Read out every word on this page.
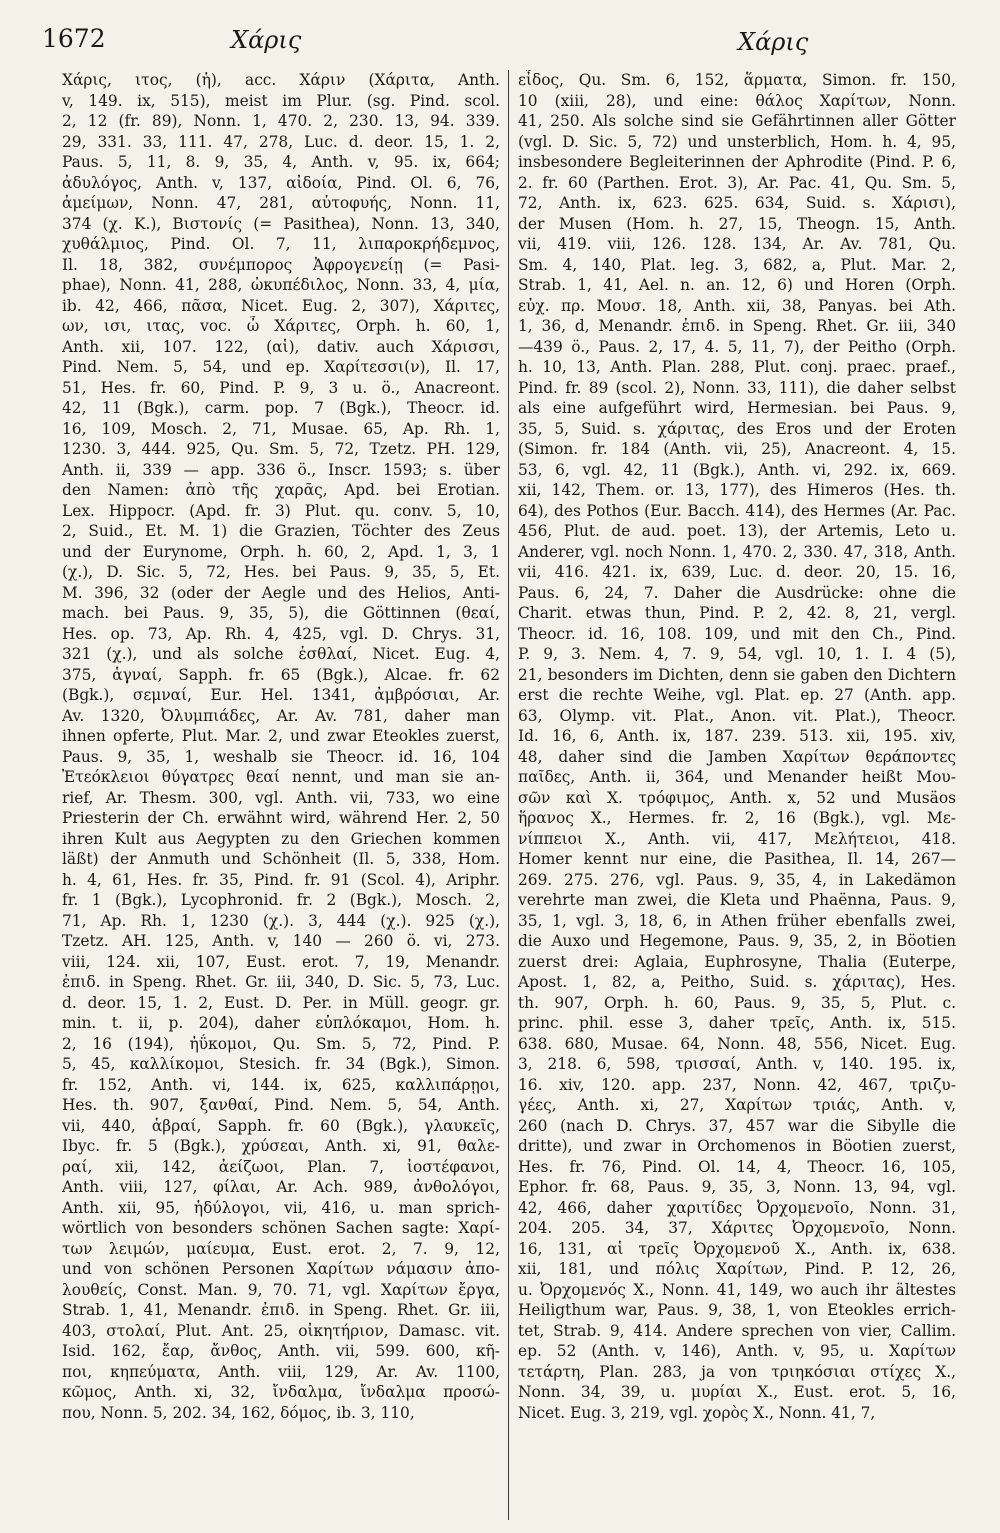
1672	Χάρις	Χάρις
Χάρις, ιτος, (ἡ), acc. Χάριν (Χάριτα, Anth.
v, 149. ix, 515), meist im Plur. (sg. Pind. scol.
2, 12 (fr. 89), Nonn. 1, 470. 2, 230. 13, 94. 339.
29, 331. 33, 111. 47, 278, Luc. d. deor. 15, 1. 2,
Paus. 5, 11, 8. 9, 35, 4, Anth. v, 95. ix, 664;
ἀδυλόγος, Anth. v, 137, αἰδοία, Pind. Ol. 6, 76,
ἀμείμων, Nonn. 47, 281, αὐτοφυής, Nonn. 11,
374 (χ. K.), Βιστονίς (= Pasithea), Nonn. 13, 340,
χυθάλμιος, Pind. Ol. 7, 11, λιπαροκρήδεμνος,
Il. 18, 382, συνέμπορος Ἀφρογενείῃ (= Pasi-
phae), Nonn. 41, 288, ὠκυπέδιλος, Nonn. 33, 4, μία,
ib. 42, 466, πᾶσα, Nicet. Eug. 2, 307), Χάριτες,
ων, ισι, ιτας, voc. ὦ Χάριτες, Orph. h. 60, 1,
Anth. xii, 107. 122, (αἱ), dativ. auch Χάρισσι,
Pind. Nem. 5, 54, und ep. Χαρίτεσσι(ν), Il. 17,
51, Hes. fr. 60, Pind. P. 9, 3 u. ö., Anacreont.
42, 11 (Bgk.), carm. pop. 7 (Bgk.), Theocr. id.
16, 109, Mosch. 2, 71, Musae. 65, Ap. Rh. 1,
1230. 3, 444. 925, Qu. Sm. 5, 72, Tzetz. PH. 129,
Anth. ii, 339 — app. 336 ö., Inscr. 1593; s. über
den Namen: ἀπὸ τῆς χαρᾶς, Apd. bei Erotian.
Lex. Hippocr. (Apd. fr. 3) Plut. qu. conv. 5, 10,
2, Suid., Et. M. 1) die Grazien, Töchter des Zeus
und der Eurynome, Orph. h. 60, 2, Apd. 1, 3, 1
(χ.), D. Sic. 5, 72, Hes. bei Paus. 9, 35, 5, Et.
M. 396, 32 (oder der Aegle und des Helios, Anti-
mach. bei Paus. 9, 35, 5), die Göttinnen (θεαί,
Hes. op. 73, Ap. Rh. 4, 425, vgl. D. Chrys. 31,
321 (χ.), und als solche ἐσθλαί, Nicet. Eug. 4,
375, ἁγναί, Sapph. fr. 65 (Bgk.), Alcae. fr. 62
(Bgk.), σεμναί, Eur. Hel. 1341, ἀμβρόσιαι, Ar.
Av. 1320, Ὀλυμπιάδες, Ar. Av. 781, daher man
ihnen opferte, Plut. Mar. 2, und zwar Eteokles zuerst,
Paus. 9, 35, 1, weshalb sie Theocr. id. 16, 104
Ἐτεόκλειοι θύγατρες θεαί nennt, und man sie an-
rief, Ar. Thesm. 300, vgl. Anth. vii, 733, wo eine
Priesterin der Ch. erwähnt wird, während Her. 2, 50
ihren Kult aus Aegypten zu den Griechen kommen
läßt) der Anmuth und Schönheit (Il. 5, 338, Hom.
h. 4, 61, Hes. fr. 35, Pind. fr. 91 (Scol. 4), Ariphr.
fr. 1 (Bgk.), Lycophronid. fr. 2 (Bgk.), Mosch. 2,
71, Ap. Rh. 1, 1230 (χ.). 3, 444 (χ.). 925 (χ.),
Tzetz. AH. 125, Anth. v, 140 — 260 ö. vi, 273.
viii, 124. xii, 107, Eust. erot. 7, 19, Menandr.
ἐπιδ. in Speng. Rhet. Gr. iii, 340, D. Sic. 5, 73, Luc.
d. deor. 15, 1. 2, Eust. D. Per. in Müll. geogr. gr.
min. t. ii, p. 204), daher εὐπλόκαμοι, Hom. h.
2, 16 (194), ἠΰκομοι, Qu. Sm. 5, 72, Pind. P.
5, 45, καλλίκομοι, Stesich. fr. 34 (Bgk.), Simon.
fr. 152, Anth. vi, 144. ix, 625, καλλιπάρῃοι,
Hes. th. 907, ξανθαί, Pind. Nem. 5, 54, Anth.
vii, 440, ἁβραί, Sapph. fr. 60 (Bgk.), γλαυκεῖς,
Ibyc. fr. 5 (Bgk.), χρύσεαι, Anth. xi, 91, θαλε-
ραί, xii, 142, ἀείζωοι, Plan. 7, ἰοστέφανοι,
Anth. viii, 127, φίλαι, Ar. Ach. 989, ἀνθολόγοι,
Anth. xii, 95, ἡδύλογοι, vii, 416, u. man sprich-
wörtlich von besonders schönen Sachen sagte: Χαρί-
των λειμών, μαίευμα, Eust. erot. 2, 7. 9, 12,
und von schönen Personen Χαρίτων νάμασιν ἀπο-
λουθείς, Const. Man. 9, 70. 71, vgl. Χαρίτων ἔργα,
Strab. 1, 41, Menandr. ἐπιδ. in Speng. Rhet. Gr. iii,
403, στολαί, Plut. Ant. 25, οἰκητήριον, Damasc. vit.
Isid. 162, ἔαρ, ἄνθος, Anth. vii, 599. 600, κῆ-
ποι, κηπεύματα, Anth. viii, 129, Ar. Av. 1100,
κῶμος, Anth. xi, 32, ἴνδαλμα, ἴνδαλμα προσώ-
που, Nonn. 5, 202. 34, 162, δόμος, ib. 3, 110,
εἶδος, Qu. Sm. 6, 152, ἅρματα, Simon. fr. 150,
10 (xiii, 28), und eine: θάλος Χαρίτων, Nonn.
41, 250. Als solche sind sie Gefährtinnen aller Götter
(vgl. D. Sic. 5, 72) und unsterblich, Hom. h. 4, 95,
insbesondere Begleiterinnen der Aphrodite (Pind. P. 6,
2. fr. 60 (Parthen. Erot. 3), Ar. Pac. 41, Qu. Sm. 5,
72, Anth. ix, 623. 625. 634, Suid. s. Χάρισι),
der Musen (Hom. h. 27, 15, Theogn. 15, Anth.
vii, 419. viii, 126. 128. 134, Ar. Av. 781, Qu.
Sm. 4, 140, Plat. leg. 3, 682, a, Plut. Mar. 2,
Strab. 1, 41, Ael. n. an. 12, 6) und Horen (Orph.
εὐχ. πρ. Μουσ. 18, Anth. xii, 38, Panyas. bei Ath.
1, 36, d, Menandr. ἐπιδ. in Speng. Rhet. Gr. iii, 340
—439 ö., Paus. 2, 17, 4. 5, 11, 7), der Peitho (Orph.
h. 10, 13, Anth. Plan. 288, Plut. conj. praec. praef.,
Pind. fr. 89 (scol. 2), Nonn. 33, 111), die daher selbst
als eine aufgeführt wird, Hermesian. bei Paus. 9,
35, 5, Suid. s. χάριτας, des Eros und der Eroten
(Simon. fr. 184 (Anth. vii, 25), Anacreont. 4, 15.
53, 6, vgl. 42, 11 (Bgk.), Anth. vi, 292. ix, 669.
xii, 142, Them. or. 13, 177), des Himeros (Hes. th.
64), des Pothos (Eur. Bacch. 414), des Hermes (Ar. Pac.
456, Plut. de aud. poet. 13), der Artemis, Leto u.
Anderer, vgl. noch Nonn. 1, 470. 2, 330. 47, 318, Anth.
vii, 416. 421. ix, 639, Luc. d. deor. 20, 15. 16,
Paus. 6, 24, 7. Daher die Ausdrücke: ohne die
Charit. etwas thun, Pind. P. 2, 42. 8, 21, vergl.
Theocr. id. 16, 108. 109, und mit den Ch., Pind.
P. 9, 3. Nem. 4, 7. 9, 54, vgl. 10, 1. I. 4 (5),
21, besonders im Dichten, denn sie gaben den Dichtern
erst die rechte Weihe, vgl. Plat. ep. 27 (Anth. app.
63, Olymp. vit. Plat., Anon. vit. Plat.), Theocr.
Id. 16, 6, Anth. ix, 187. 239. 513. xii, 195. xiv,
48, daher sind die Jamben Χαρίτων θεράποντες
παῖδες, Anth. ii, 364, und Menander heißt Μου-
σῶν καὶ Χ. τρόφιμος, Anth. x, 52 und Musäos
ἥρανος Χ., Hermes. fr. 2, 16 (Bgk.), vgl. Με-
νίππειοι Χ., Anth. vii, 417, Μελήτειοι, 418.
Homer kennt nur eine, die Pasithea, Il. 14, 267—
269. 275. 276, vgl. Paus. 9, 35, 4, in Lakedämon
verehrte man zwei, die Kleta und Phaënna, Paus. 9,
35, 1, vgl. 3, 18, 6, in Athen früher ebenfalls zwei,
die Auxo und Hegemone, Paus. 9, 35, 2, in Böotien
zuerst drei: Aglaia, Euphrosyne, Thalia (Euterpe,
Apost. 1, 82, a, Peitho, Suid. s. χάριτας), Hes.
th. 907, Orph. h. 60, Paus. 9, 35, 5, Plut. c.
princ. phil. esse 3, daher τρεῖς, Anth. ix, 515.
638. 680, Musae. 64, Nonn. 48, 556, Nicet. Eug.
3, 218. 6, 598, τρισσαί, Anth. v, 140. 195. ix,
16. xiv, 120. app. 237, Nonn. 42, 467, τριζυ-
γέες, Anth. xi, 27, Χαρίτων τριάς, Anth. v,
260 (nach D. Chrys. 37, 457 war die Sibylle die
dritte), und zwar in Orchomenos in Böotien zuerst,
Hes. fr. 76, Pind. Ol. 14, 4, Theocr. 16, 105,
Ephor. fr. 68, Paus. 9, 35, 3, Nonn. 13, 94, vgl.
42, 466, daher χαριτίδες Ὀρχομενοῖο, Nonn. 31,
204. 205. 34, 37, Χάριτες Ὀρχομενοῖο, Nonn.
16, 131, αἱ τρεῖς Ὀρχομενοῦ Χ., Anth. ix, 638.
xii, 181, und πόλις Χαρίτων, Pind. P. 12, 26,
u. Ὀρχομενός Χ., Nonn. 41, 149, wo auch ihr ältestes
Heiligthum war, Paus. 9, 38, 1, von Eteokles errich-
tet, Strab. 9, 414. Andere sprechen von vier, Callim.
ep. 52 (Anth. v, 146), Anth. v, 95, u. Χαρίτων
τετάρτη, Plan. 283, ja von τριηκόσιαι στίχες Χ.,
Nonn. 34, 39, u. μυρίαι Χ., Eust. erot. 5, 16,
Nicet. Eug. 3, 219, vgl. χορὸς Χ., Nonn. 41, 7,
